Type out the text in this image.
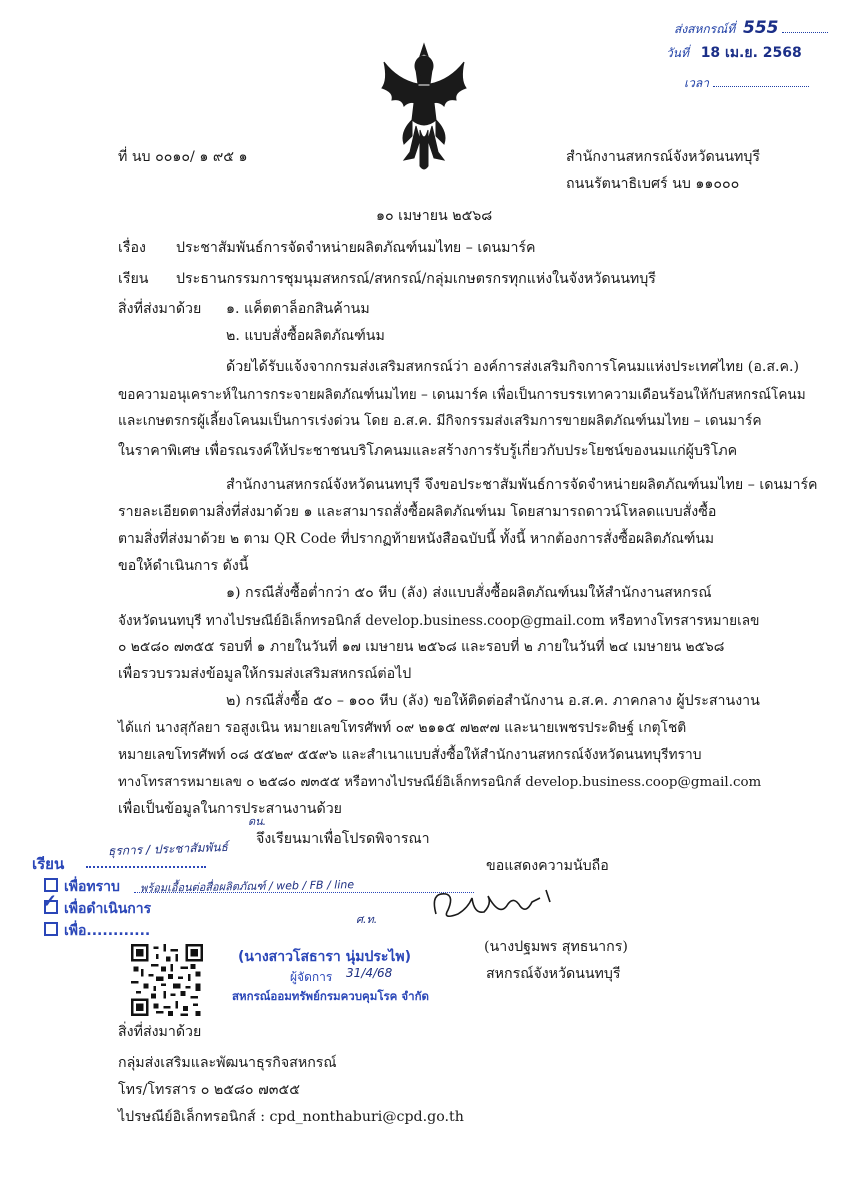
ส่งสหกรณ์ที่ 555
วันที่ 18 เม.ย. 2568
เวลา
ที่ นบ ๐๐๑๐/ ๑ ๙๕ ๑	สำนักงานสหกรณ์จังหวัดนนทบุรี
ถนนรัตนาธิเบศร์ นบ ๑๑๐๐๐
๑๐ เมษายน ๒๕๖๘
เรื่อง ประชาสัมพันธ์การจัดจำหน่ายผลิตภัณฑ์นมไทย – เดนมาร์ค
เรียน ประธานกรรมการชุมนุมสหกรณ์/สหกรณ์/กลุ่มเกษตรกรทุกแห่งในจังหวัดนนทบุรี
สิ่งที่ส่งมาด้วย ๑. แค็ตตาล็อกสินค้านม
๒. แบบสั่งซื้อผลิตภัณฑ์นม
ด้วยได้รับแจ้งจากกรมส่งเสริมสหกรณ์ว่า องค์การส่งเสริมกิจการโคนมแห่งประเทศไทย (อ.ส.ค.)
ขอความอนุเคราะห์ในการกระจายผลิตภัณฑ์นมไทย – เดนมาร์ค เพื่อเป็นการบรรเทาความเดือนร้อนให้กับสหกรณ์โคนม
และเกษตรกรผู้เลี้ยงโคนมเป็นการเร่งด่วน โดย อ.ส.ค. มีกิจกรรมส่งเสริมการขายผลิตภัณฑ์นมไทย – เดนมาร์ค
ในราคาพิเศษ เพื่อรณรงค์ให้ประชาชนบริโภคนมและสร้างการรับรู้เกี่ยวกับประโยชน์ของนมแก่ผู้บริโภค
สำนักงานสหกรณ์จังหวัดนนทบุรี จึงขอประชาสัมพันธ์การจัดจำหน่ายผลิตภัณฑ์นมไทย – เดนมาร์ค
รายละเอียดตามสิ่งที่ส่งมาด้วย ๑ และสามารถสั่งซื้อผลิตภัณฑ์นม โดยสามารถดาวน์โหลดแบบสั่งซื้อ
ตามสิ่งที่ส่งมาด้วย ๒ ตาม QR Code ที่ปรากฏท้ายหนังสือฉบับนี้ ทั้งนี้ หากต้องการสั่งซื้อผลิตภัณฑ์นม
ขอให้ดำเนินการ ดังนี้
๑) กรณีสั่งซื้อต่ำกว่า ๕๐ หีบ (ลัง) ส่งแบบสั่งซื้อผลิตภัณฑ์นมให้สำนักงานสหกรณ์
จังหวัดนนทบุรี ทางไปรษณีย์อิเล็กทรอนิกส์ develop.business.coop@gmail.com หรือทางโทรสารหมายเลข
๐ ๒๕๘๐ ๗๓๕๕ รอบที่ ๑ ภายในวันที่ ๑๗ เมษายน ๒๕๖๘ และรอบที่ ๒ ภายในวันที่ ๒๔ เมษายน ๒๕๖๘
เพื่อรวบรวมส่งข้อมูลให้กรมส่งเสริมสหกรณ์ต่อไป
๒) กรณีสั่งซื้อ ๕๐ – ๑๐๐ หีบ (ลัง) ขอให้ติดต่อสำนักงาน อ.ส.ค. ภาคกลาง ผู้ประสานงาน
ได้แก่ นางสุกัลยา รอสูงเนิน หมายเลขโทรศัพท์ ๐๙ ๒๑๑๕ ๗๒๙๗ และนายเพชรประดิษฐ์ เกตุโชติ
หมายเลขโทรศัพท์ ๐๘ ๕๕๒๙ ๕๕๙๖ และสำเนาแบบสั่งซื้อให้สำนักงานสหกรณ์จังหวัดนนทบุรีทราบ
ทางโทรสารหมายเลข ๐ ๒๕๘๐ ๗๓๕๕ หรือทางไปรษณีย์อิเล็กทรอนิกส์ develop.business.coop@gmail.com
เพื่อเป็นข้อมูลในการประสานงานด้วย
จึงเรียนมาเพื่อโปรดพิจารณา
ดน.
เรียน
ธุรการ / ประชาสัมพันธ์
เพื่อทราบ พร้อมเอื้อนต่อสื่อผลิตภัณฑ์ / web / FB / line
✓ เพื่อดำเนินการ
เพื่อ............
ศ.ท.
(นางสาวโสธารา นุ่มประไพ)
ผู้จัดการ 31/4/68
สหกรณ์ออมทรัพย์กรมควบคุมโรค จำกัด
ขอแสดงความนับถือ
(นางปฐมพร สุทธนากร)
สหกรณ์จังหวัดนนทบุรี
สิ่งที่ส่งมาด้วย
กลุ่มส่งเสริมและพัฒนาธุรกิจสหกรณ์
โทร/โทรสาร ๐ ๒๕๘๐ ๗๓๕๕
ไปรษณีย์อิเล็กทรอนิกส์ : cpd_nonthaburi@cpd.go.th
